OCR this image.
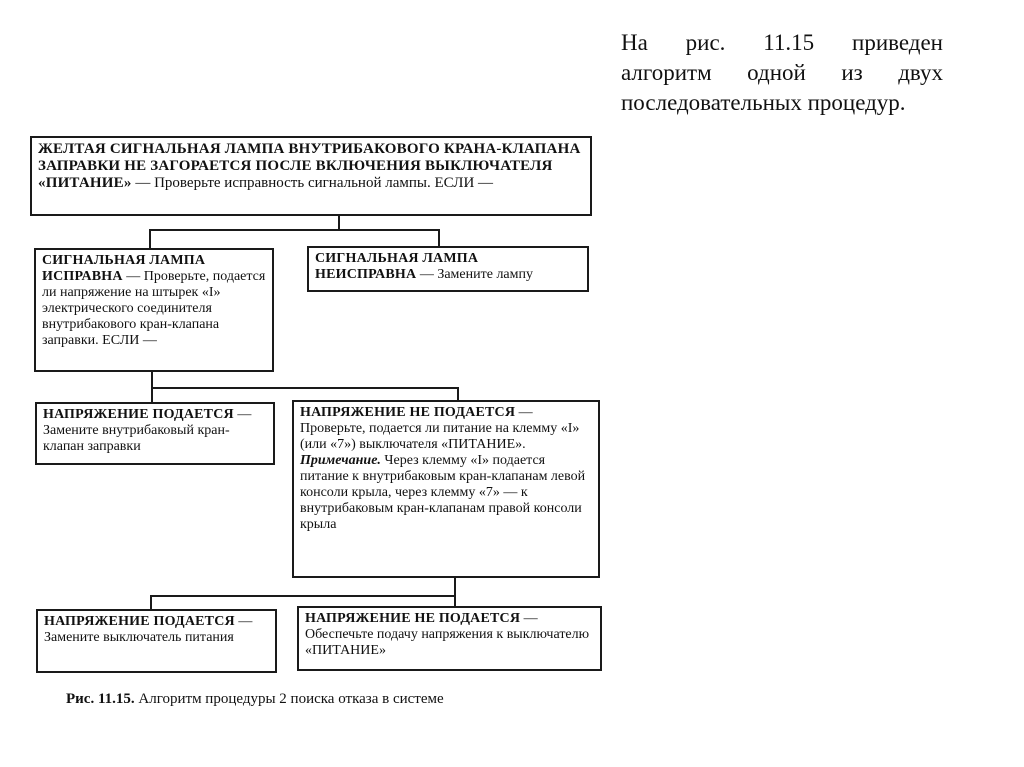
На рис. 11.15 приведен алгоритм одной из двух последовательных процедур.
ЖЕЛТАЯ СИГНАЛЬНАЯ ЛАМПА ВНУТРИБАКОВОГО КРАНА-КЛАПАНА ЗАПРАВКИ НЕ ЗАГОРАЕТСЯ ПОСЛЕ ВКЛЮЧЕНИЯ ВЫКЛЮЧАТЕЛЯ «ПИТАНИЕ» — Проверьте исправность сигнальной лампы. ЕСЛИ —
СИГНАЛЬНАЯ ЛАМПА ИСПРАВНА — Проверьте, подается ли напряжение на штырек «I» электрического соединителя внутрибакового кран-клапана заправки. ЕСЛИ —
СИГНАЛЬНАЯ ЛАМПА НЕИСПРАВНА — Замените лампу
НАПРЯЖЕНИЕ ПОДАЕТСЯ — Замените внутрибаковый кран-клапан заправки
НАПРЯЖЕНИЕ НЕ ПОДАЕТСЯ — Проверьте, подается ли питание на клемму «I» (или «7») выключателя «ПИТАНИЕ».
Примечание. Через клемму «I» подается питание к внутрибаковым кран-клапанам левой консоли крыла, через клемму «7» — к внутрибаковым кран-клапанам правой консоли крыла
НАПРЯЖЕНИЕ ПОДАЕТСЯ — Замените выключатель питания
НАПРЯЖЕНИЕ НЕ ПОДАЕТСЯ — Обеспечьте подачу напряжения к выключателю «ПИТАНИЕ»
Рис. 11.15. Алгоритм процедуры 2 поиска отказа в системе
